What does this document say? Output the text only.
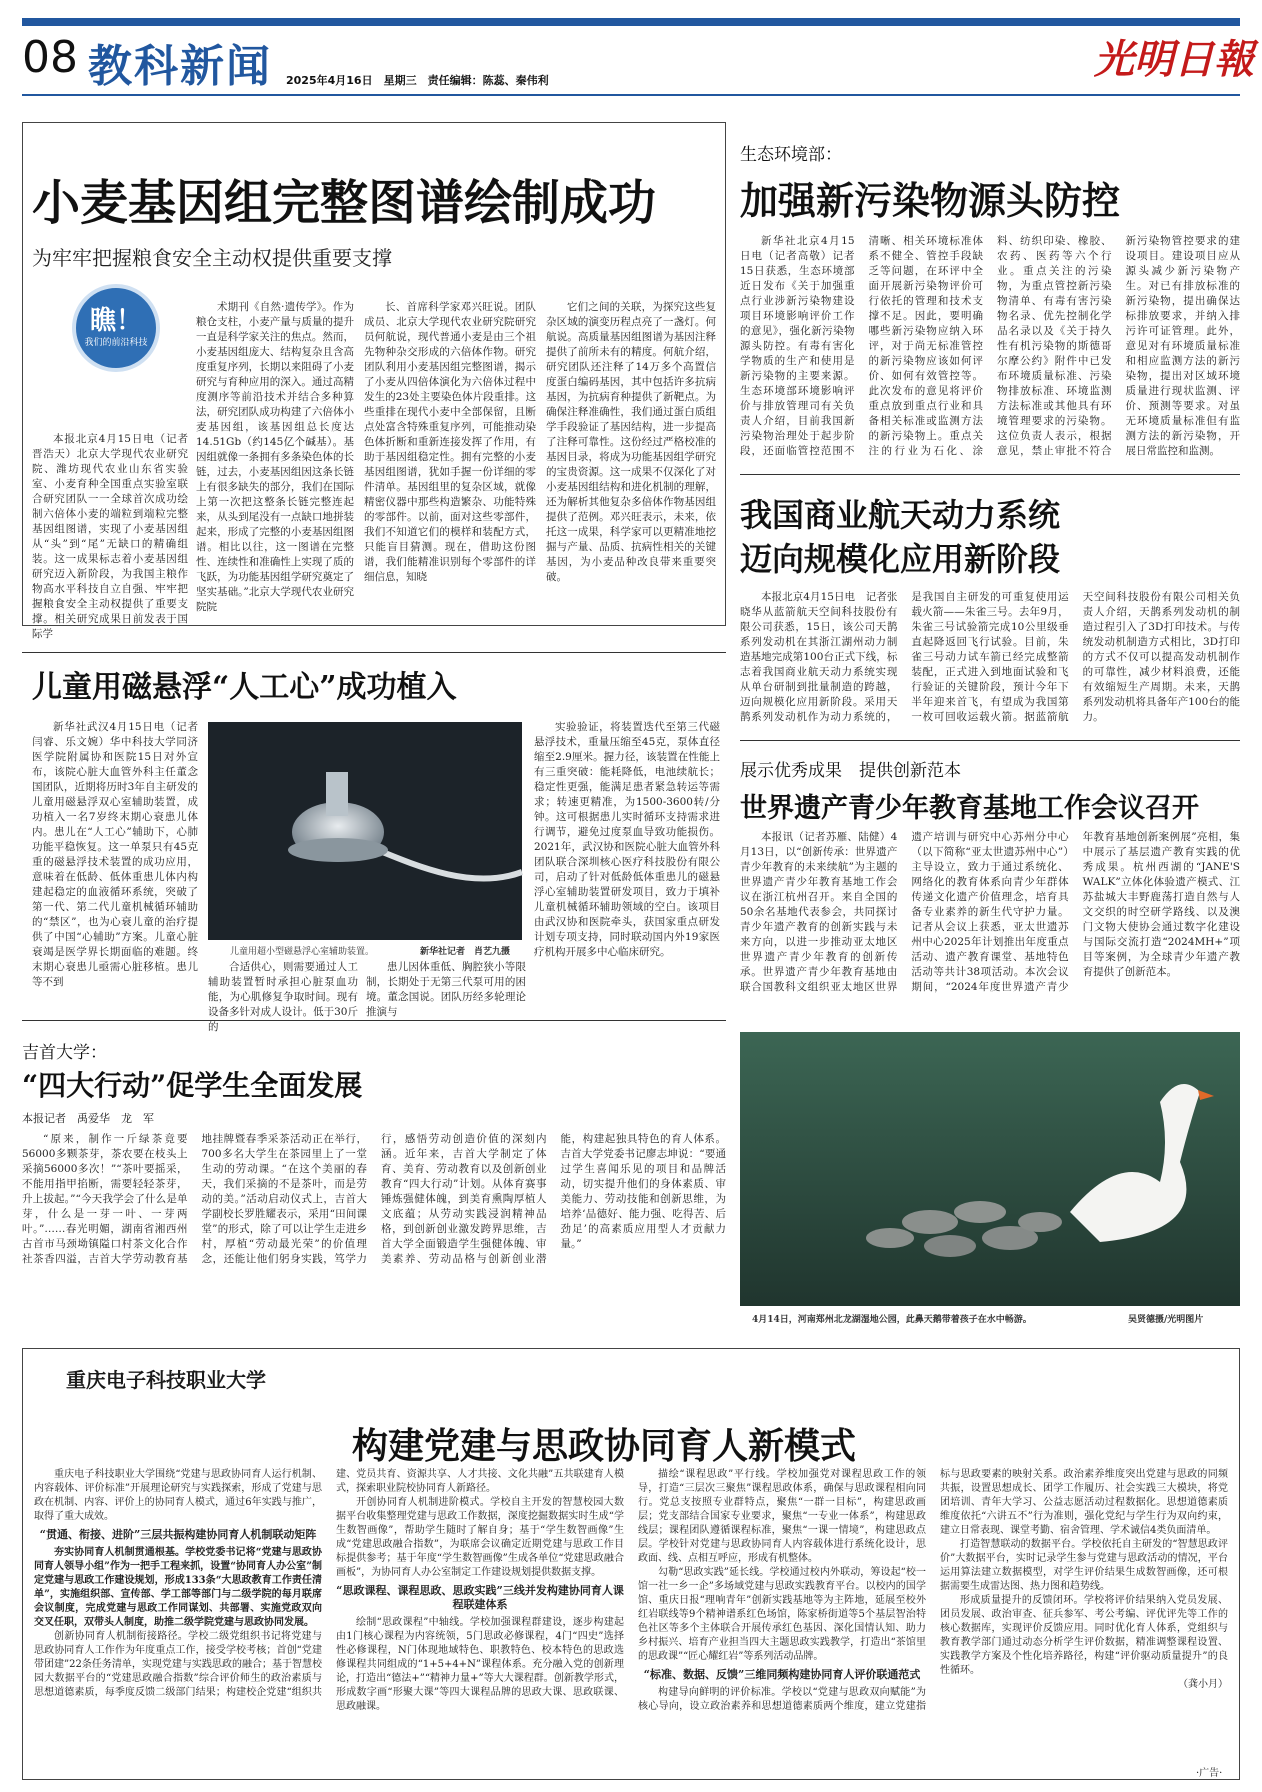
08 教科新闻 2025年4月16日　星期三　责任编辑：陈蕊、秦伟利	光明日報
小麦基因组完整图谱绘制成功
为牢牢把握粮食安全主动权提供重要支撑
瞧！
我们的前沿科技

本报北京4月15日电（记者晋浩天）北京大学现代农业研究院、潍坊现代农业山东省实验室、小麦育种全国重点实验室联合研究团队一一全球首次成功绘制六倍体小麦的端粒到端粒完整基因组图谱，实现了小麦基因组从“头”到“尾”无缺口的精确组装。这一成果标志着小麦基因组研究迈入新阶段，为我国主粮作物高水平科技自立自强、牢牢把握粮食安全主动权提供了重要支撑。相关研究成果日前发表于国际学

术期刊《自然·遗传学》。作为粮仓支柱，小麦产量与质量的提升一直是科学家关注的焦点。然而，小麦基因组庞大、结构复杂且含高度重复序列，长期以来阻碍了小麦研究与育种应用的深入。通过高精度测序等前沿技术并结合多种算法，研究团队成功构建了六倍体小麦基因组，该基因组总长度达14.51Gb（约145亿个碱基）。基因组就像一条拥有多条染色体的长链，过去，小麦基因组因这条长链上有很多缺失的部分，我们在国际上第一次把这整条长链完整连起来，从头到尾没有一点缺口地拼装起来，形成了完整的小麦基因组图谱。相比以往，这一图谱在完整性、连续性和准确性上实现了质的飞跃，为功能基因组学研究奠定了坚实基础。”北京大学现代农业研究院院

长、首席科学家邓兴旺说。团队成员、北京大学现代农业研究院研究员何航说，现代普通小麦是由三个祖先物种杂交形成的六倍体作物。研究团队利用小麦基因组完整图谱，揭示了小麦从四倍体演化为六倍体过程中发生的23处主要染色体片段重排。这些重排在现代小麦中全部保留，且断点处富含特殊重复序列，可能推动染色体折断和重新连接发挥了作用，有助于基因组稳定性。拥有完整的小麦基因组图谱，犹如手握一份详细的零件清单。基因组里的复杂区域，就像精密仪器中那些构造繁杂、功能特殊的零部件。以前，面对这些零部件，我们不知道它们的模样和装配方式，只能盲目猜测。现在，借助这份图谱，我们能精准识别每个零部件的详细信息，知晓

它们之间的关联，为探究这些复杂区域的演变历程点亮了一盏灯。何航说。高质量基因组图谱为基因注释提供了前所未有的精度。何航介绍，研究团队还注释了14万多个高置信度蛋白编码基因，其中包括许多抗病基因，为抗病育种提供了新靶点。为确保注释准确性，我们通过蛋白质组学手段验证了基因结构，进一步提高了注释可靠性。这份经过严格校准的基因目录，将成为功能基因组学研究的宝贵资源。这一成果不仅深化了对小麦基因组结构和进化机制的理解，还为解析其他复杂多倍体作物基因组提供了范例。邓兴旺表示，未来，依托这一成果，科学家可以更精准地挖掘与产量、品质、抗病性相关的关键基因，为小麦品种改良带来重要突破。

儿童用磁悬浮“人工心”成功植入
儿童用超小型磁悬浮心室辅助装置。	新华社记者　肖艺九摄

新华社武汉4月15日电（记者闫睿、乐文婉）华中科技大学同济医学院附属协和医院15日对外宣布，该院心脏大血管外科主任董念国团队，近期将历时3年自主研发的儿童用磁悬浮双心室辅助装置，成功植入一名7岁终末期心衰患儿体内。患儿在“人工心”辅助下，心肺功能平稳恢复。这一单泵只有45克重的磁悬浮技术装置的成功应用，意味着在低龄、低体重患儿体内构建起稳定的血液循环系统，突破了第一代、第二代儿童机械循环辅助的“禁区”，也为心衰儿童的治疗提供了中国“心辅助”方案。儿童心脏衰竭是医学界长期面临的难题。终末期心衰患儿亟需心脏移植。患儿等不到

合适供心，则需要通过人工辅助装置暂时承担心脏泵血功能，为心肌修复争取时间。现有设备多针对成人设计。低于30斤的

患儿因体重低、胸腔狭小等限制，长期处于无第三代泵可用的困境。董念国说。团队历经多轮理论推演与

实验验证，将装置迭代至第三代磁悬浮技术，重量压缩至45克，泵体直径缩至2.9厘米。握力径，该装置在性能上有三重突破：能耗降低，电池续航长；稳定性更强，能满足患者紧急转运等需求；转速更精准，为1500-3600转/分钟。这可根据患儿实时循环支持需求进行调节，避免过度泵血导致功能损伤。2021年，武汉协和医院心脏大血管外科团队联合深圳核心医疗科技股份有限公司，启动了针对低龄低体重患儿的磁悬浮心室辅助装置研发项目，致力于填补儿童机械循环辅助领域的空白。该项目由武汉协和医院牵头，获国家重点研发计划专项支持，同时联动国内外19家医疗机构开展多中心临床研究。

吉首大学：
“四大行动”促学生全面发展
本报记者　禹爱华　龙　军

“原来，制作一斤绿茶竟要56000多颗茶芽，茶农要在枝头上采摘56000多次！”“茶叶要摇采，不能用指甲掐断，需要轻轻茶芽，升上拔起。”“今天我学会了什么是单芽，什么是一芽一叶、一芽两叶。”……春光明媚，湖南省湘西州古首市马颈坳镇隘口村茶文化合作社茶香四溢，吉首大学劳动教育基地挂牌暨春季采茶活动正在举行，700多名大学生在茶园里上了一堂生动的劳动课。“在这个美丽的春天，我们采摘的不是茶叶，而是劳动的美。”活动启动仪式上，吉首大学副校长罗胜耀表示，采用“田间课堂”的形式，除了可以让学生走进乡村，厚植“劳动最光荣”的价值理念，还能让他们躬身实践，笃学力行，感悟劳动创造价值的深刻内涵。近年来，吉首大学制定了体育、美育、劳动教育以及创新创业教育“四大行动”计划。从体育赛事锤炼强健体魄，到美育熏陶厚植人文底蕴；从劳动实践浸润精神品格，到创新创业激发跨界思维，吉首大学全面锻造学生强健体魄、审美素养、劳动品格与创新创业潜能，构建起独具特色的育人体系。吉首大学党委书记廖志坤说：“要通过学生喜闻乐见的项目和品牌活动，切实提升他们的身体素质、审美能力、劳动技能和创新思维，为培养‘品德好、能力强、吃得苦、后劲足’的高素质应用型人才贡献力量。”

生态环境部：
加强新污染物源头防控

新华社北京4月15日电（记者高敬）记者15日获悉，生态环境部近日发布《关于加强重点行业涉新污染物建设项目环境影响评价工作的意见》，强化新污染物源头防控。有毒有害化学物质的生产和使用是新污染物的主要来源。生态环境部环境影响评价与排放管理司有关负责人介绍，目前我国新污染物治理处于起步阶段，还面临管控范围不清晰、相关环境标准体系不健全、管控手段缺乏等问题，在环评中全面开展新污染物评价可行依托的管理和技术支撑不足。因此，要明确哪些新污染物应纳入环评，对于尚无标准管控的新污染物应该如何评价、如何有效管控等。此次发布的意见将评价重点放到重点行业和具备相关标准或监测方法的新污染物上。重点关注的行业为石化、涂料、纺织印染、橡胶、农药、医药等六个行业。重点关注的污染物，为重点管控新污染物清单、有毒有害污染物名录、优先控制化学品名录以及《关于持久性有机污染物的斯德哥尔摩公约》附件中已发布环境质量标准、污染物排放标准、环境监测方法标准或其他具有环境管理要求的污染物。这位负责人表示，根据意见，禁止审批不符合新污染物管控要求的建设项目。建设项目应从源头减少新污染物产生。对已有排放标准的新污染物，提出确保达标排放要求，并纳入排污许可证管理。此外，意见对有环境质量标准和相应监测方法的新污染物，提出对区域环境质量进行现状监测、评价、预测等要求。对虽无环境质量标准但有监测方法的新污染物，开展日常监控和监测。

我国商业航天动力系统
迈向规模化应用新阶段

本报北京4月15日电　记者张晓华从蓝箭航天空间科技股份有限公司获悉，15日，该公司天鹊系列发动机在其浙江湖州动力制造基地完成第100台正式下线，标志着我国商业航天动力系统实现从单台研制到批量制造的跨越，迈向规模化应用新阶段。采用天鹊系列发动机作为动力系统的，是我国自主研发的可重复使用运载火箭——朱雀三号。去年9月，朱雀三号试验箭完成10公里级垂直起降返回飞行试验。目前，朱雀三号动力试车箭已经完成整箭装配，正式进入到地面试验和飞行验证的关键阶段，预计今年下半年迎来首飞，有望成为我国第一枚可回收运载火箭。据蓝箭航天空间科技股份有限公司相关负责人介绍，天鹊系列发动机的制造过程引入了3D打印技术。与传统发动机制造方式相比，3D打印的方式不仅可以提高发动机制作的可靠性，减少材料浪费，还能有效缩短生产周期。未来，天鹊系列发动机将具备年产100台的能力。

展示优秀成果　提供创新范本
世界遗产青少年教育基地工作会议召开

本报讯（记者苏雁、陆健）4月13日，以“创新传承：世界遗产青少年教育的未来续航”为主题的世界遗产青少年教育基地工作会议在浙江杭州召开。来自全国的50余名基地代表参会，共同探讨青少年遗产教育的创新实践与未来方向，以进一步推动亚太地区世界遗产青少年教育的创新传承。世界遗产青少年教育基地由联合国教科文组织亚太地区世界遗产培训与研究中心苏州分中心（以下简称“亚太世遗苏州中心”）主导设立，致力于通过系统化、网络化的教育体系向青少年群体传递文化遗产价值理念，培育具备专业素养的新生代守护力量。记者从会议上获悉，亚太世遗苏州中心2025年计划推出年度重点活动、遗产教育课堂、基地特色活动等共计38项活动。本次会议期间，“2024年度世界遗产青少年教育基地创新案例展”亮相，集中展示了基层遗产教育实践的优秀成果。杭州西湖的“JANE'S WALK”立体化体验遗产模式、江苏盐城大丰野鹿荡打造自然与人文交织的时空研学路线、以及澳门文物大使协会通过数字化建设与国际交流打造“2024MH+”项目等案例，为全球青少年遗产教育提供了创新范本。

4月14日，河南郑州北龙湖湿地公园，此鼻天鹅带着孩子在水中畅游。	吴贤德摄/光明图片
重庆电子科技职业大学
构建党建与思政协同育人新模式

重庆电子科技职业大学围绕“党建与思政协同育人运行机制、内容载体、评价标准”开展理论研究与实践探索，形成了党建与思政在机制、内容、评价上的协同育人模式，通过6年实践与推广，取得了重大成效。

“贯通、衔接、进阶”三层共振构建协同育人机制联动矩阵

夯实协同育人机制贯通根基。学校党委书记将“党建与思政协同育人领导小组”作为一把手工程来抓，设置“协同育人办公室”制定党建与思政工作建设规划，形成133条“大思政教育工作责任清单”，实施组织部、宣传部、学工部等部门与二级学院的每月联席会议制度，完成党建与思政工作同谋划、共部署、实施党政双向交叉任职，双带头人制度，助推二级学院党建与思政协同发展。

创新协同育人机制衔接路径。学校二级党组织书记将党建与思政协同育人工作作为年度重点工作，接受学校考核；首创“党建带团建”22条任务清单，实现党建与实践思政的融合；基于智慧校园大数据平台的“党建思政融合指数”综合评价师生的政治素质与思想道德素质，每季度反馈二级部门结果；构建校企党建“组织共建、党员共育、资源共享、人才共接、文化共融”五共联建育人模式，探索职业院校协同育人新路径。

开创协同育人机制进阶模式。学校自主开发的智慧校园大数据平台收集整理党建与思政工作数据，深度挖掘数据实时生成“学生数智画像”，帮助学生随时了解自身；基于“学生数智画像”生成“党建思政融合指数”，为联席会议确定近期党建与思政工作目标提供参考；基于年度“学生数智画像”生成各单位“党建思政融合画板”，为协同育人办公室制定工作建设规划提供数据支撑。

“思政课程、课程思政、思政实践”三线并发构建协同育人课程联建体系

绘制“思政课程”中轴线。学校加强课程群建设，逐步构建起由1门核心课程为内容统领，5门思政必修课程，4门“四史”选择性必修课程，N门体现地域特色、职教特色、校本特色的思政选修课程共同组成的“1+5+4+N”课程体系。充分融入党的创新理论，打造出“德法+”“精神力量+”等大大课程群。创新教学形式，形成数字画“形聚大课”等四大课程品牌的思政大课、思政联课、思政融课。

描绘“课程思政”平行线。学校加强党对课程思政工作的领导，打造“三层次三聚焦”课程思政体系，确保与思政课程相向同行。党总支按照专业群特点，聚焦“一群一目标”，构建思政画层；党支部结合国家专业要求，聚焦“一专业一体系”，构建思政线层；课程团队遵循课程标准，聚焦“一课一情境”，构建思政点层。学校针对党建与思政协同育人内容载体进行系统化设计，思政面、线、点相互呼应，形成有机整体。

勾勒“思政实践”延长线。学校通过校内外联动，筹设起“校一馆一社一乡一企”多场域党建与思政实践教育平台。以校内的国学馆、重庆日报“理响青年”创新实践基地等为主阵地，延展至校外红岩联线等9个精神谱系红色场馆，陈家桥街道等5个基层智治特色社区等多个主体联合开展传承红色基因、深化国情认知、助力乡村振兴、培育产业担当四大主题思政实践教学，打造出“茶馆里的思政课”“匠心耀红岩”等系列活动品牌。

“标准、数据、反馈”三维同频构建协同育人评价联通范式

构建导向鲜明的评价标准。学校以“党建与思政双向赋能”为核心导向，设立政治素养和思想道德素质两个维度，建立党建指标与思政要素的映射关系。政治素养维度突出党建与思政的同频共振，设置思想成长、团学工作履历、社会实践三大模块，将党团培训、青年大学习、公益志愿活动过程数据化。思想道德素质维度依托“六讲五不”行为准则，强化党纪与学生行为双向约束，建立日常表现、课堂考勤、宿舍管理、学术诚信4类负面清单。

打造智慧联动的数据平台。学校依托自主研发的“智慧思政评价”大数据平台，实时记录学生参与党建与思政活动的情况，平台运用算法建立数据模型，对学生评价结果生成数智画像，还可根据需要生成雷达图、热力图和趋势线。

形成质量提升的反馈闭环。学校将评价结果纳入党员发展、团员发展、政治审查、征兵参军、考公考编、评优评先等工作的核心数据库，实现评价反馈应用。同时优化育人体系，党组织与教育教学部门通过动态分析学生评价数据，精准调整课程设置、实践教学方案及个性化培养路径，构建“评价驱动质量提升”的良性循环。

（龚小月）
·广告·
